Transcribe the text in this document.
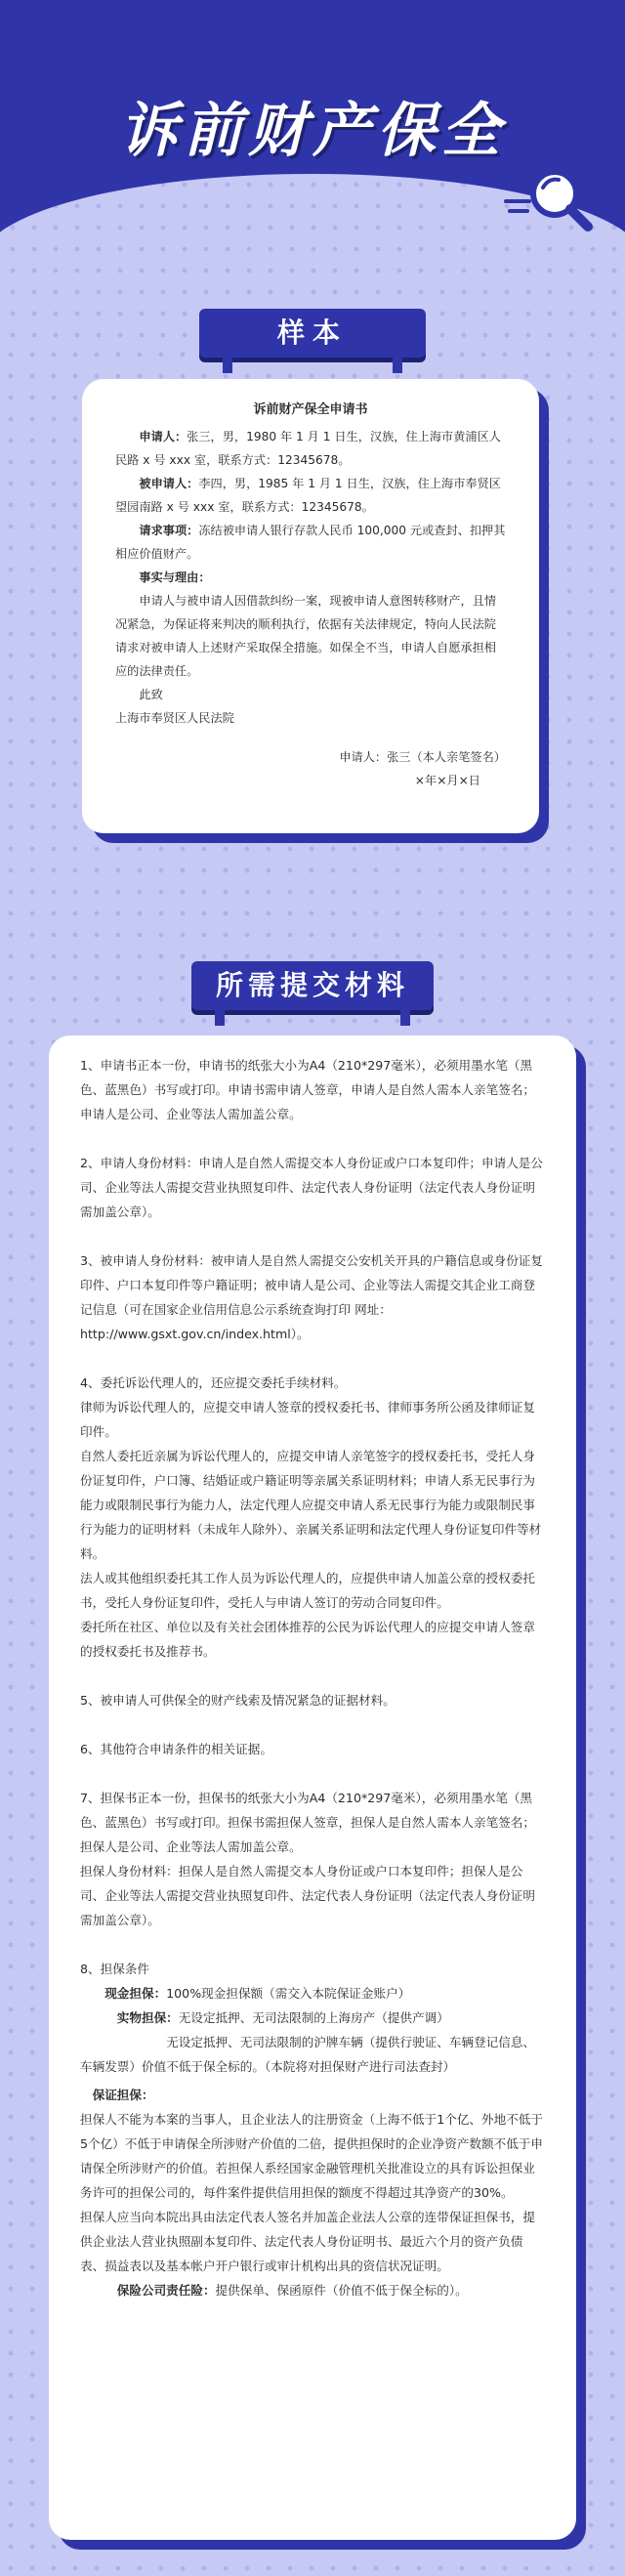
诉前财产保全
样本
诉前财产保全申请书

申请人：张三，男，1980 年 1 月 1 日生，汉族，住上海市黄浦区人民路 x 号 xxx 室，联系方式：12345678。

被申请人：李四，男，1985 年 1 月 1 日生，汉族，住上海市奉贤区望园南路 x 号 xxx 室，联系方式：12345678。

请求事项：冻结被申请人银行存款人民币 100,000 元或查封、扣押其相应价值财产。

事实与理由：

申请人与被申请人因借款纠纷一案，现被申请人意图转移财产，且情况紧急，为保证将来判决的顺利执行，依据有关法律规定，特向人民法院请求对被申请人上述财产采取保全措施。如保全不当，申请人自愿承担相应的法律责任。

此致

上海市奉贤区人民法院

申请人：张三（本人亲笔签名）

×年×月×日

所需提交材料

1、申请书正本一份，申请书的纸张大小为A4（210*297毫米），必须用墨水笔（黑色、蓝黑色）书写或打印。申请书需申请人签章，申请人是自然人需本人亲笔签名；申请人是公司、企业等法人需加盖公章。

2、申请人身份材料：申请人是自然人需提交本人身份证或户口本复印件；申请人是公司、企业等法人需提交营业执照复印件、法定代表人身份证明（法定代表人身份证明需加盖公章）。

3、被申请人身份材料：被申请人是自然人需提交公安机关开具的户籍信息或身份证复印件、户口本复印件等户籍证明；被申请人是公司、企业等法人需提交其企业工商登记信息（可在国家企业信用信息公示系统查询打印 网址：http://www.gsxt.gov.cn/index.html）。

4、委托诉讼代理人的，还应提交委托手续材料。
律师为诉讼代理人的，应提交申请人签章的授权委托书、律师事务所公函及律师证复印件。
自然人委托近亲属为诉讼代理人的，应提交申请人亲笔签字的授权委托书，受托人身份证复印件，户口簿、结婚证或户籍证明等亲属关系证明材料；申请人系无民事行为能力或限制民事行为能力人，法定代理人应提交申请人系无民事行为能力或限制民事行为能力的证明材料（未成年人除外）、亲属关系证明和法定代理人身份证复印件等材料。
法人或其他组织委托其工作人员为诉讼代理人的，应提供申请人加盖公章的授权委托书，受托人身份证复印件，受托人与申请人签订的劳动合同复印件。
委托所在社区、单位以及有关社会团体推荐的公民为诉讼代理人的应提交申请人签章的授权委托书及推荐书。

5、被申请人可供保全的财产线索及情况紧急的证据材料。

6、其他符合申请条件的相关证据。

7、担保书正本一份，担保书的纸张大小为A4（210*297毫米），必须用墨水笔（黑色、蓝黑色）书写或打印。担保书需担保人签章，担保人是自然人需本人亲笔签名；担保人是公司、企业等法人需加盖公章。
担保人身份材料：担保人是自然人需提交本人身份证或户口本复印件；担保人是公司、企业等法人需提交营业执照复印件、法定代表人身份证明（法定代表人身份证明需加盖公章）。

8、担保条件

现金担保：100%现金担保额（需交入本院保证金账户）

实物担保：无设定抵押、无司法限制的上海房产（提供产调）

无设定抵押、无司法限制的沪牌车辆（提供行驶证、车辆登记信息、车辆发票）价值不低于保全标的。（本院将对担保财产进行司法查封）

保证担保：

担保人不能为本案的当事人，且企业法人的注册资金（上海不低于1个亿、外地不低于5个亿）不低于申请保全所涉财产价值的二倍，提供担保时的企业净资产数额不低于申请保全所涉财产的价值。若担保人系经国家金融管理机关批准设立的具有诉讼担保业务许可的担保公司的，每件案件提供信用担保的额度不得超过其净资产的30%。
担保人应当向本院出具由法定代表人签名并加盖企业法人公章的连带保证担保书，提供企业法人营业执照副本复印件、法定代表人身份证明书、最近六个月的资产负债表、损益表以及基本帐户开户银行或审计机构出具的资信状况证明。

保险公司责任险：提供保单、保函原件（价值不低于保全标的）。
